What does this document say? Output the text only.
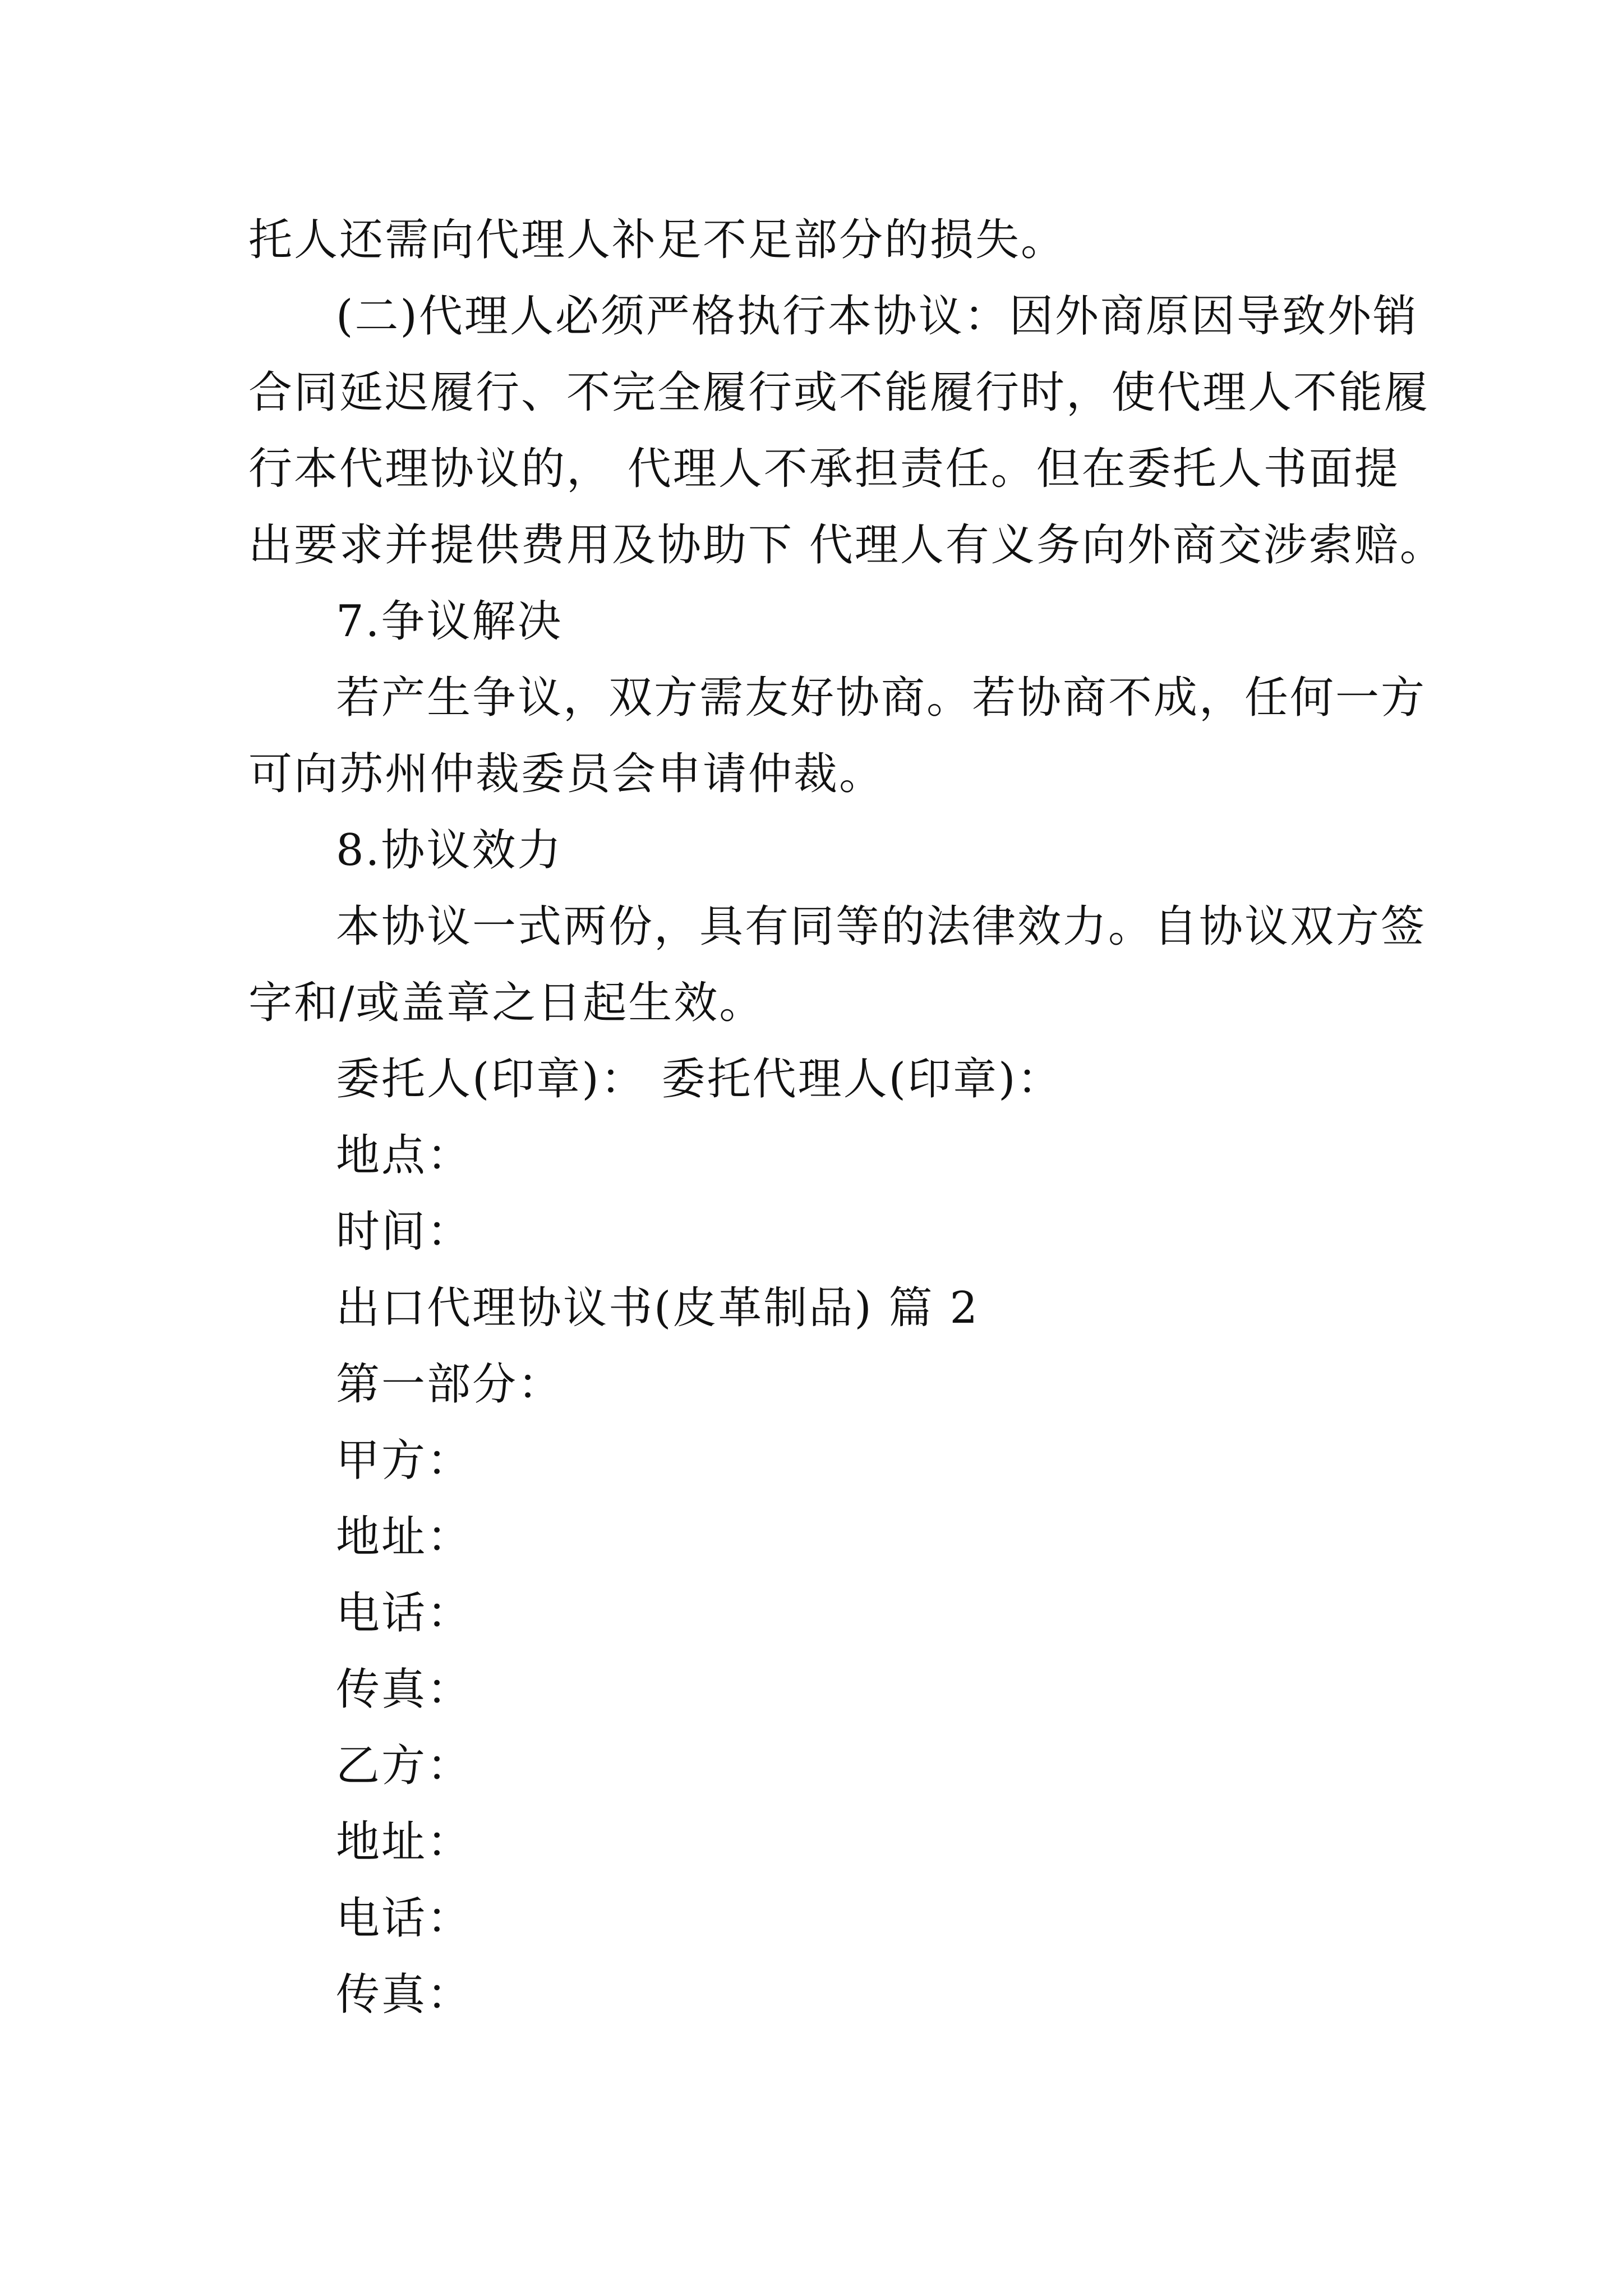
托人还需向代理人补足不足部分的损失。
(二)代理人必须严格执行本协议：因外商原因导致外销
合同延迟履行、不完全履行或不能履行时，使代理人不能履
行本代理协议的， 代理人不承担责任。但在委托人书面提
出要求并提供费用及协助下 代理人有义务向外商交涉索赔。
7.争议解决
若产生争议，双方需友好协商。若协商不成，任何一方
可向苏州仲裁委员会申请仲裁。
8.协议效力
本协议一式两份，具有同等的法律效力。自协议双方签
字和/或盖章之日起生效。
委托人(印章)： 委托代理人(印章)：
地点：
时间：
出口代理协议书(皮革制品) 篇 2
第一部分：
甲方：
地址：
电话：
传真：
乙方：
地址：
电话：
传真：
